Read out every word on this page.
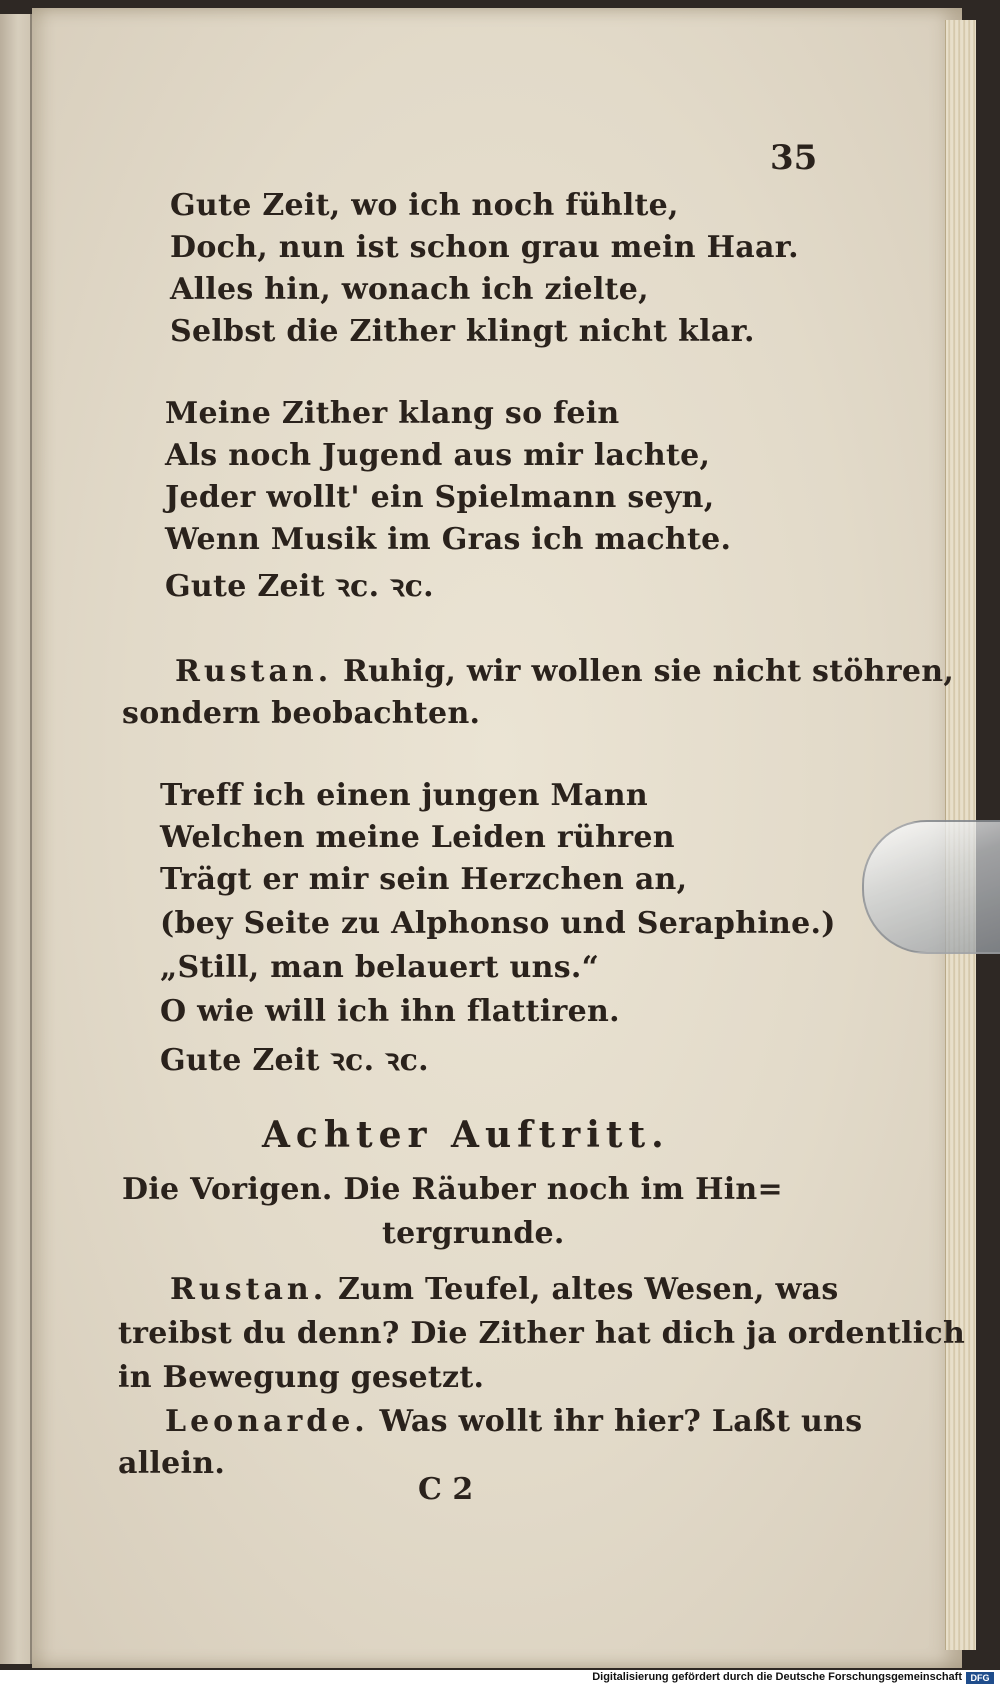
35
Gute Zeit, wo ich noch fühlte,
Doch, nun ist schon grau mein Haar.
Alles hin, wonach ich zielte,
Selbst die Zither klingt nicht klar.
Meine Zither klang so fein
Als noch Jugend aus mir lachte,
Jeder wollt' ein Spielmann seyn,
Wenn Musik im Gras ich machte.
Gute Zeit ꝛc. ꝛc.
Rustan. Ruhig, wir wollen sie nicht stöhren,
sondern beobachten.
Treff ich einen jungen Mann
Welchen meine Leiden rühren
Trägt er mir sein Herzchen an,
(bey Seite zu Alphonso und Seraphine.)
„Still, man belauert uns.“
O wie will ich ihn flattiren.
Gute Zeit ꝛc. ꝛc.
Achter Auftritt.
Die Vorigen. Die Räuber noch im Hin=
tergrunde.
Rustan. Zum Teufel, altes Wesen, was
treibst du denn? Die Zither hat dich ja ordentlich
in Bewegung gesetzt.
Leonarde. Was wollt ihr hier? Laßt uns
allein.
C 2
Digitalisierung gefördert durch die Deutsche Forschungsgemeinschaft DFG
